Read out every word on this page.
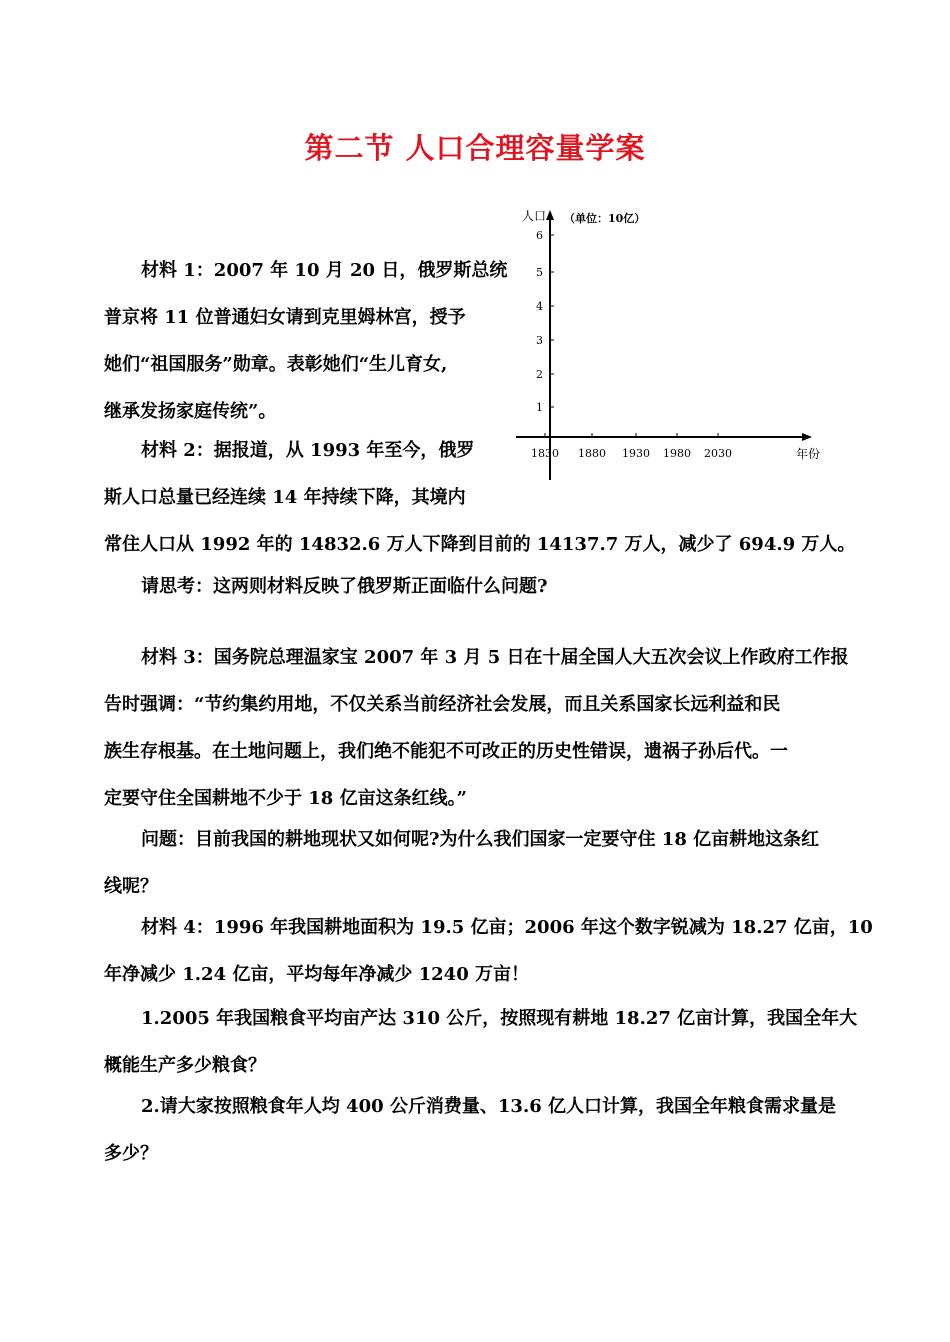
第二节 人口合理容量学案
人口 （单位：10亿）
年份
1
2
3
4
5
6
1830 1880 1930 1980 2030
材料 1：2007 年 10 月 20 日，俄罗斯总统
普京将 11 位普通妇女请到克里姆林宫，授予
她们“祖国服务”勋章。表彰她们“生儿育女,
继承发扬家庭传统”。
材料 2：据报道，从 1993 年至今，俄罗
斯人口总量已经连续 14 年持续下降，其境内
常住人口从 1992 年的 14832.6 万人下降到目前的 14137.7 万人，减少了 694.9 万人。
请思考：这两则材料反映了俄罗斯正面临什么问题?
材料 3：国务院总理温家宝 2007 年 3 月 5 日在十届全国人大五次会议上作政府工作报
告时强调：“节约集约用地，不仅关系当前经济社会发展，而且关系国家长远利益和民
族生存根基。在土地问题上，我们绝不能犯不可改正的历史性错误，遗祸子孙后代。一
定要守住全国耕地不少于 18 亿亩这条红线。”
问题：目前我国的耕地现状又如何呢?为什么我们国家一定要守住 18 亿亩耕地这条红
线呢？
材料 4：1996 年我国耕地面积为 19.5 亿亩；2006 年这个数字锐减为 18.27 亿亩，10
年净减少 1.24 亿亩，平均每年净减少 1240 万亩！
1.2005 年我国粮食平均亩产达 310 公斤，按照现有耕地 18.27 亿亩计算，我国全年大
概能生产多少粮食？
2.请大家按照粮食年人均 400 公斤消费量、13.6 亿人口计算，我国全年粮食需求量是
多少？
